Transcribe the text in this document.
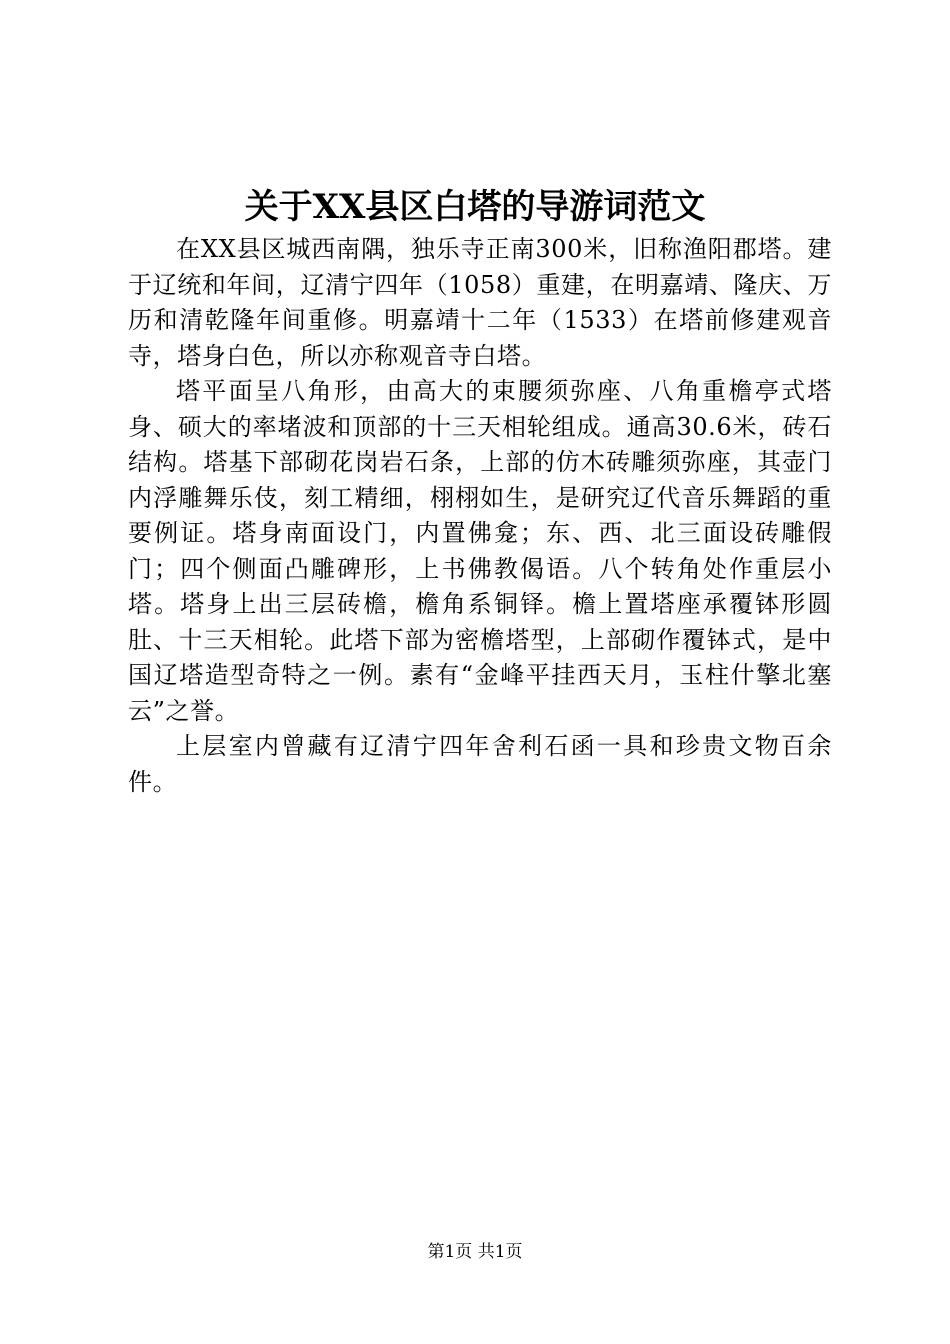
关于XX县区白塔的导游词范文

在XX县区城西南隅，独乐寺正南300米，旧称渔阳郡塔。建于辽统和年间，辽清宁四年（1058）重建，在明嘉靖、隆庆、万历和清乾隆年间重修。明嘉靖十二年（1533）在塔前修建观音寺，塔身白色，所以亦称观音寺白塔。

塔平面呈八角形，由高大的束腰须弥座、八角重檐亭式塔身、硕大的率堵波和顶部的十三天相轮组成。通高30.6米，砖石结构。塔基下部砌花岗岩石条，上部的仿木砖雕须弥座，其壶门内浮雕舞乐伎，刻工精细，栩栩如生，是研究辽代音乐舞蹈的重要例证。塔身南面设门，内置佛龛；东、西、北三面设砖雕假门；四个侧面凸雕碑形，上书佛教偈语。八个转角处作重层小塔。塔身上出三层砖檐，檐角系铜铎。檐上置塔座承覆钵形圆肚、十三天相轮。此塔下部为密檐塔型，上部砌作覆钵式，是中国辽塔造型奇特之一例。素有“金峰平挂西天月，玉柱什擎北塞云”之誉。

上层室内曾藏有辽清宁四年舍利石函一具和珍贵文物百余件。

第1页 共1页
